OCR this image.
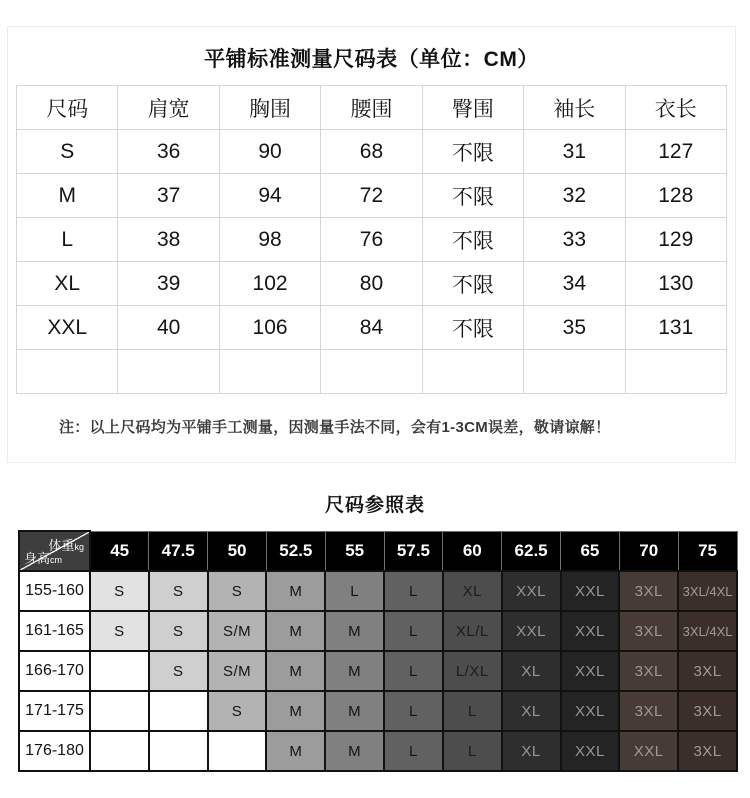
平铺标准测量尺码表（单位：CM）
尺码	肩宽	胸围	腰围	臀围	袖长	衣长
S	36	90	68	不限	31	127
M	37	94	72	不限	32	128
L	38	98	76	不限	33	129
XL	39	102	80	不限	34	130
XXL	40	106	84	不限	35	131

注：以上尺码均为平铺手工测量，因测量手法不同，会有1-3CM误差，敬请谅解！

尺码参照表
体重kg
身高cm	45	47.5	50	52.5	55	57.5	60	62.5	65	70	75
155-160	S	S	S	M	L	L	XL	XXL	XXL	3XL	3XL/4XL
161-165	S	S	S/M	M	M	L	XL/L	XXL	XXL	3XL	3XL/4XL
166-170		S	S/M	M	M	L	L/XL	XL	XXL	3XL	3XL
171-175			S	M	M	L	L	XL	XXL	3XL	3XL
176-180				M	M	L	L	XL	XXL	XXL	3XL
